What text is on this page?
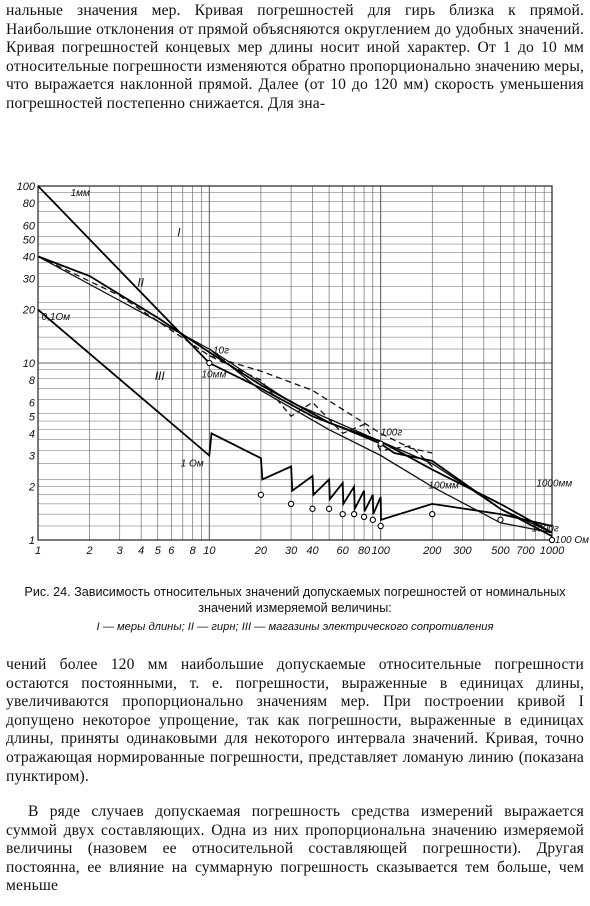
нальные значения мер. Кривая погрешностей для гирь близка к прямой. Наибольшие отклонения от прямой объясняются округлением до удобных значений. Кривая погрешностей концевых мер длины носит иной характер. От 1 до 10 мм относительные погрешности изменяются обратно пропорционально значению меры, что выражается наклонной прямой. Далее (от 10 до 120 мм) скорость уменьшения погрешностей постепенно снижается. Для зна-

1	2 3 4 5 6 8 10	20 30 40 60 80 100	200 300 500 700 1000
100
80
60
50
40
30
20
10
8
6
5
4
3
2
1
I
II
III
1мм
10мм
100мм	1000мм
10г
100г
1000г
0,1Ом
1 Ом
100 Ом

Рис. 24. Зависимость относительных значений допускаемых погрешностей от номинальных значений измеряемой величины:

I — меры длины; II — гирн; III — магазины электрического сопротивления

чений более 120 мм наибольшие допускаемые относительные погрешности остаются постоянными, т. е. погрешности, выраженные в единицах длины, увеличиваются пропорционально значениям мер. При построении кривой I допущено некоторое упрощение, так как погрешности, выраженные в единицах длины, приняты одинаковыми для некоторого интервала значений. Кривая, точно отражающая нормированные погрешности, представляет ломаную линию (показана пунктиром).

В ряде случаев допускаемая погрешность средства измерений выражается суммой двух составляющих. Одна из них пропорциональна значению измеряемой величины (назовем ее относительной составляющей погрешности). Другая постоянна, ее влияние на суммарную погрешность сказывается тем больше, чем меньше
